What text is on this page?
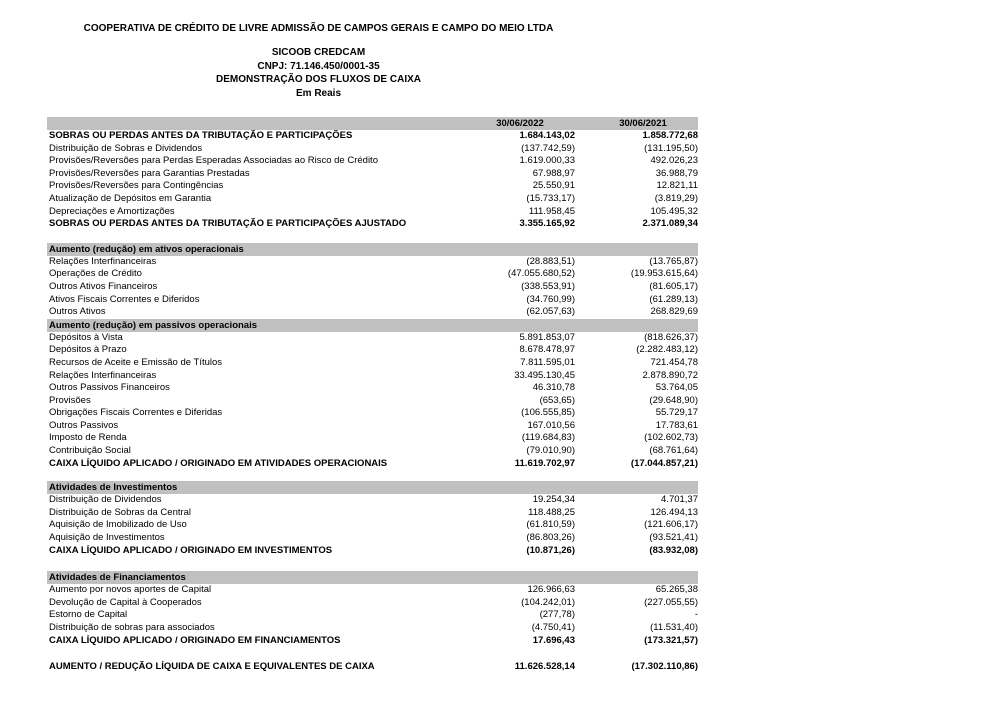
COOPERATIVA DE CRÉDITO DE LIVRE ADMISSÃO DE CAMPOS GERAIS E CAMPO DO MEIO LTDA
SICOOB CREDCAM
CNPJ: 71.146.450/0001-35
DEMONSTRAÇÃO DOS FLUXOS DE CAIXA
Em Reais
30/06/2022	30/06/2021
SOBRAS OU PERDAS ANTES DA TRIBUTAÇÃO E PARTICIPAÇÕES	1.684.143,02	1.858.772,68
Distribuição de Sobras e Dividendos	(137.742,59)	(131.195,50)
Provisões/Reversões para Perdas Esperadas Associadas ao Risco de Crédito	1.619.000,33	492.026,23
Provisões/Reversões para Garantias Prestadas	67.988,97	36.988,79
Provisões/Reversões para Contingências	25.550,91	12.821,11
Atualização de Depósitos em Garantia	(15.733,17)	(3.819,29)
Depreciações e Amortizações	111.958,45	105.495,32
SOBRAS OU PERDAS ANTES DA TRIBUTAÇÃO E PARTICIPAÇÕES AJUSTADO	3.355.165,92	2.371.089,34
Aumento (redução) em ativos operacionais
Relações Interfinanceiras	(28.883,51)	(13.765,87)
Operações de Crédito	(47.055.680,52)	(19.953.615,64)
Outros Ativos Financeiros	(338.553,91)	(81.605,17)
Ativos Fiscais Correntes e Diferidos	(34.760,99)	(61.289,13)
Outros Ativos	(62.057,63)	268.829,69
Aumento (redução) em passivos operacionais
Depósitos à Vista	5.891.853,07	(818.626,37)
Depósitos à Prazo	8.678.478,97	(2.282.483,12)
Recursos de Aceite e Emissão de Títulos	7.811.595,01	721.454,78
Relações Interfinanceiras	33.495.130,45	2.878.890,72
Outros Passivos Financeiros	46.310,78	53.764,05
Provisões	(653,65)	(29.648,90)
Obrigações Fiscais Correntes e Diferidas	(106.555,85)	55.729,17
Outros Passivos	167.010,56	17.783,61
Imposto de Renda	(119.684,83)	(102.602,73)
Contribuição Social	(79.010,90)	(68.761,64)
CAIXA LÍQUIDO APLICADO / ORIGINADO EM ATIVIDADES OPERACIONAIS	11.619.702,97	(17.044.857,21)
Atividades de Investimentos
Distribuição de Dividendos	19.254,34	4.701,37
Distribuição de Sobras da Central	118.488,25	126.494,13
Aquisição de Imobilizado de Uso	(61.810,59)	(121.606,17)
Aquisição de Investimentos	(86.803,26)	(93.521,41)
CAIXA LÍQUIDO APLICADO / ORIGINADO EM INVESTIMENTOS	(10.871,26)	(83.932,08)
Atividades de Financiamentos
Aumento por novos aportes de Capital	126.966,63	65.265,38
Devolução de Capital à Cooperados	(104.242,01)	(227.055,55)
Estorno de Capital	(277,78)	-
Distribuição de sobras para associados	(4.750,41)	(11.531,40)
CAIXA LÍQUIDO APLICADO / ORIGINADO EM FINANCIAMENTOS	17.696,43	(173.321,57)
AUMENTO / REDUÇÃO LÍQUIDA DE CAIXA E EQUIVALENTES DE CAIXA	11.626.528,14	(17.302.110,86)
